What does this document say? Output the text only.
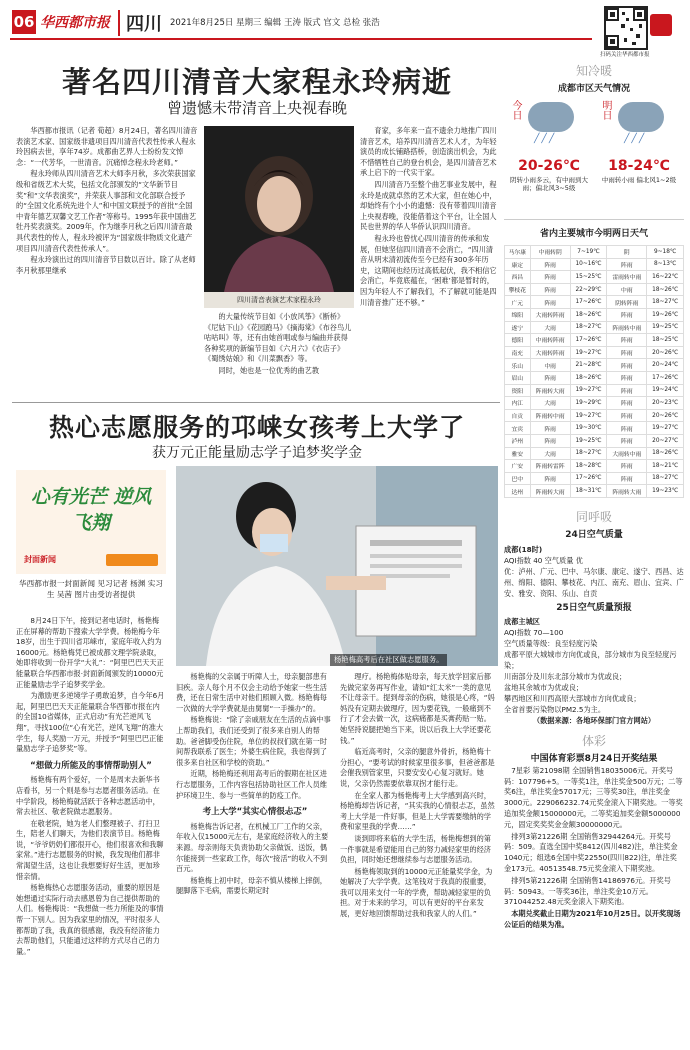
06 华西都市报 四川 2021年8月25日 星期三 编辑 王涛 版式 官文 总检 张浩
扫码关注华西都市报
著名四川清音大家程永玲病逝
曾遗憾未带清音上央视春晚

华西都市报讯（记者 荀超）8月24日，著名四川清音表演艺术家、国家级非遗项目四川清音代表性传承人程永玲因病去世，享年74岁。成都曲艺界人士纷纷发文悼念：“一代芳华，一世清音。沉痛悼念程永玲老师。”

程永玲师从四川清音艺术大师李月秋，多次荣获国家级和省级艺术大奖，包括文化部颁发的“文华新节目奖”和“文华表演奖”，并荣获人事部和文化部联合授予的“全国文化系统先进个人”和中国文联授予的首批“全国中青年德艺双馨文艺工作者”等称号。1995年获中国曲艺牡丹奖表演奖。2009年，作为继李月秋之后四川清音最具代表性的传人，程永玲被评为“国家级非物质文化遗产项目四川清音代表性传承人”。

程永玲演出过的四川清音节目数以百计。除了从老师李月秋那里继承

四川清音表演艺术家程永玲

的大量传统节目如《小放风筝》《断桥》《尼姑下山》《花园跑马》《摘海棠》《布谷鸟儿咕咕叫》等，还有由她首唱或参与编曲并获得各种奖项的新编节目如《六月六》《衣店子》《蜀绣姑娘》和《川菜飘香》等。

同时，她也是一位优秀的曲艺教

育家，多年来一直不遗余力地推广四川清音艺术，培养四川清音艺术人才，为年轻演员的成长铺路搭桥，创造演出机会，为此不惜牺牲自己的登台机会，是四川清音艺术承上启下的一代实干家。

四川清音乃至整个曲艺事业发展中，程永玲是成就卓然的艺术大家，但在她心中，却始终有个小小的遗憾：没有带着四川清音上央视春晚，没能借着这个平台，让全国人民也世界的华人华侨认识四川清音。

程永玲也曾忧心四川清音的传承和发展，但她坚信四川清音不会消亡，“四川清音从明末清初流传至今已经有300多年历史，这期间也经历过高低起伏，我不相信它会消亡，毕竟底蕴在，‘困难’都是暂时的，因为年轻人不了解我们，不了解就可能是四川清音推广还不够。”

热心志愿服务的邛崃女孩考上大学了
获万元正能量励志学子追梦奖学金
心有光芒 逆风飞翔
封面新闻
华西都市报一封面新闻 见习记者 杨渊 实习生 吴茜 图片由受访者提供

8月24日下午，接到记者电话时，杨艳梅正在屏幕的帮助下搜索大学学费。杨艳梅今年18岁，出生于四川省邛崃市，家庭年收入约为16000元。杨艳梅凭已被成都文理学院录取，她即将收到一份开学“大礼”：“阿里巴巴天天正能量联合华西都市报·封面新闻颁发的10000元正能量励志学子追梦奖学金。

为激励更多逆境学子勇敢追梦，自今年6月起，阿里巴巴天天正能量联合华西都市报在内的全国10省媒体，正式启动“有光芒逆风飞翔”，寻找100位“心有光芒，逆风飞翔”的准大学生，每人奖励一万元，并授予“阿里巴巴正能量励志学子追梦奖”等。

“想做力所能及的事情帮助别人”

杨艳梅有两个爱好，一个是周末去新华书店看书，另一个则是参与志愿者服务活动。在中学阶段，杨艳梅就活跃于各种志愿活动中，常去社区、敬老院做志愿服务。

在敬老院，她为老人们整理被子、打扫卫生，陪老人们聊天，为他们表演节目。杨艳梅说，“爷爷奶奶们都很开心，他们很喜欢和我聊家常。”进行志愿服务的时候，我发现他们都非常渴望生活，这也让我想要好好生活，更加珍惜亲情。

杨艳梅热心志愿服务活动，重要的原因是她想通过实际行动去感恩曾为自己提供帮助的人们。杨艳梅说：“我想做一些力所能及的事情帮一下别人。因为我家里的情况，平时很多人都帮助了我，我真的很感谢，我没有经济能力去帮助他们，只能通过这样的方式尽自己的力量。”

杨艳梅高考后在社区做志愿服务。

杨艳梅的父亲属于听障人士，母亲腿部患有旧疾。亲人每个月不仅会主动给予她家一些生活费，还在日常生活中对他们照顾入微。杨艳梅每一次做的大学学费就是由舅舅“一手操办”的。

杨艳梅说：“除了亲戚朋友在生活的点滴中事上帮助我们，我们还受到了很多来自别人的帮助。爸爸脚受伤住院，单位的叔叔们就在第一时间帮我联系了医生；外婆生病住院，我也得到了很多来自社区和学校的资助。”

近期，杨艳梅还利用高考后的假期在社区进行志愿服务，工作内容包括协助社区工作人员维护环境卫生、参与一些简单的防疫工作。

考上大学“其实心情很忐忑”

杨艳梅告诉记者，在机械工厂工作的父亲，年收入仅15000元左右，是家庭经济收入的主要来源。母亲则每天负责协助父亲做饭、送饭，偶尔能接到一些家政工作，每次“接活”的收入不到百元。

杨艳梅上初中时，母亲不慎从楼梯上摔倒，腿脚落下毛病，需要长期定时

理疗。杨艳梅体贴母亲，每天放学回家后都先做完家务再写作业，请如“红太米”一类的意见不让母亲干。提到母亲的伤病，她很是心疼，“妈妈没有定期去做理疗，因为要花钱，一般痛到不行了才会去做一次，这病痛都是买膏药贴一贴。她坚持说腿把她当下来，说以后我上大学还要花钱。”

临近高考时，父亲的腿意外骨折，杨艳梅十分担心，“要考试的时候家里很多事，但爸爸都是会催我别管家里，只要安安心心复习就好。她说，父亲仍然需要依靠双拐才能行走。

在全家人都为杨艳梅考上大学感到高兴时，杨艳梅却告诉记者，“其实我的心情很忐忑，虽然考上大学是一件好事，但是上大学需要缴纳的学费和家里我的学费……”

谈到即将来临的大学生活，杨艳梅想到的第一件事就是希望能用自己的努力减轻家里的经济负担，同时她还想继续参与志愿服务活动。

杨艳梅领取到的10000元正能量奖学金，为她解决了大学学费。这笔钱对于我真的很重要，我可以用来支付一年的学费，帮助减轻家里的负担。对于未来的学习，可以有更好的平台来发展，更好地回馈帮助过我和我家人的人们。”

知冷暖
成都市区天气情况
今日
╱╱╱
20-26℃
阴转小雨多云，有中雨到大雨；偏北风3~5级
明日
╱╱╱
18-24℃
中雨转小雨 偏北风1~2级
省内主要城市今明两日天气
马尔康	中雨转阴	7~19℃	阴	9~18℃
康定	阵雨	10~16℃	阵雨	8~13℃
西昌	阵雨	15~25℃	雷雨转中雨	16~22℃
攀枝花	阵雨	22~29℃	中雨	18~26℃
广元	阵雨	17~26℃	阴转阵雨	18~27℃
绵阳	大雨转阵雨	18~26℃	阵雨	19~26℃
遂宁	大雨	18~27℃	阵雨转中雨	19~25℃
德阳	中雨转阵雨	17~26℃	阵雨	18~25℃
南充	大雨转阵雨	19~27℃	阵雨	20~26℃
乐山	中雨	21~28℃	阵雨	20~24℃
眉山	阵雨	18~26℃	阵雨	17~26℃
资阳	阵雨转大雨	19~27℃	阵雨	19~24℃
内江	大雨	19~29℃	阵雨	20~23℃
自贡	阵雨转中雨	19~27℃	阵雨	20~26℃
宜宾	阵雨	19~30℃	阵雨	19~27℃
泸州	阵雨	19~25℃	阵雨	20~27℃
雅安	大雨	18~27℃	大雨转中雨	18~26℃
广安	阵雨转雷阵	18~28℃	阵雨	18~21℃
巴中	阵雨	17~26℃	阵雨	18~27℃
达州	阵雨转大雨	18~31℃	阵雨转大雨	19~23℃
同呼吸
24日空气质量
成都(18时)
AQI指数 40 空气质量 优
优：泸州、广元、巴中、马尔康、康定、遂宁、西昌、达州、绵阳、德阳、攀枝花、内江、南充、眉山、宜宾、广安、雅安、资阳、乐山、自贡
25日空气质量预报
成都主城区
AQI指数 70—100
空气质量等级：良至轻度污染
成都平原大城城市方向优或良，部分城市为良至轻度污染；
川南部分及川东北部分城市为优或良；
盆地其余城市为优或良；
攀西地区和川西高原大部城市方向优或良；
全省首要污染物以PM2.5为主。
（数据来源：各地环保部门官方网站）
体彩
中国体育彩票8月24日开奖结果

7星彩 第21098期 全国销售18035006元。开奖号码：107796+5。一等奖1注，单注奖金500万元；二等奖6注，单注奖金57017元；三等奖30注，单注奖金3000元。229066232.74元奖金滚入下期奖池。一等奖追加奖金额15000000元，二等奖追加奖金额5000000元，固定奖奖奖金金额30000000元。

排列3第21226期 全国销售32944264元。开奖号码：509。直选全国中奖8412(四川482)注，单注奖金1040元；组选6全国中奖22550(四川822)注，单注奖金173元。40513548.75元奖金滚入下期奖池。

排列5第21226期 全国销售14186976元。开奖号码：50943。一等奖36注，单注奖金10万元。371044252.48元奖金滚入下期奖池。

本期兑奖截止日期为2021年10月25日。以开奖现场公证后的结果为准。
